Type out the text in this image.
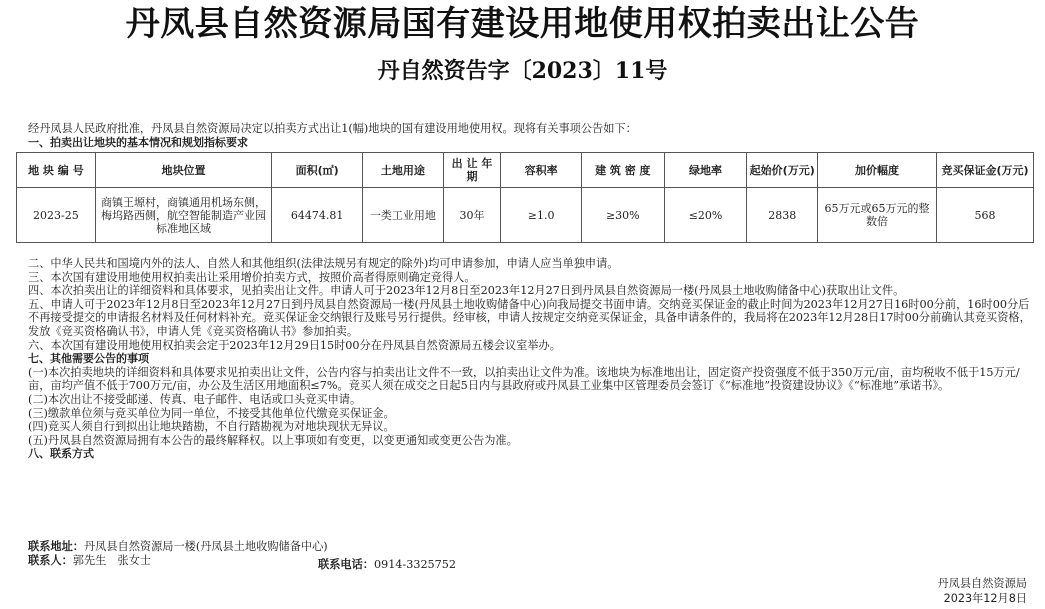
丹凤县自然资源局国有建设用地使用权拍卖出让公告
丹自然资告字〔2023〕11号

经丹凤县人民政府批准，丹凤县自然资源局决定以拍卖方式出让1(幅)地块的国有建设用地使用权。现将有关事项公告如下：

一、拍卖出让地块的基本情况和规划指标要求

地 块 编 号	地块位置	面积(㎡)	土地用途	出 让 年 期	容积率	建 筑 密 度	绿地率	起始价(万元)	加价幅度	竞买保证金(万元)
2023-25	商镇王塬村，商镇通用机场东侧，梅坞路西侧，航空智能制造产业园标准地区域	64474.81	一类工业用地	30年	≥1.0	≥30%	≤20%	2838	65万元或65万元的整数倍	568

二、中华人民共和国境内外的法人、自然人和其他组织(法律法规另有规定的除外)均可申请参加，申请人应当单独申请。

三、本次国有建设用地使用权拍卖出让采用增价拍卖方式，按照价高者得原则确定竞得人。

四、本次拍卖出让的详细资料和具体要求，见拍卖出让文件。申请人可于2023年12月8日至2023年12月27日到丹凤县自然资源局一楼(丹凤县土地收购储备中心)获取出让文件。

五、申请人可于2023年12月8日至2023年12月27日到丹凤县自然资源局一楼(丹凤县土地收购储备中心)向我局提交书面申请。交纳竞买保证金的截止时间为2023年12月27日16时00分前，16时00分后不再接受提交的申请报名材料及任何材料补充。竞买保证金交纳银行及账号另行提供。经审核，申请人按规定交纳竞买保证金，具备申请条件的，我局将在2023年12月28日17时00分前确认其竞买资格，发放《竞买资格确认书》，申请人凭《竞买资格确认书》参加拍卖。

六、本次国有建设用地使用权拍卖会定于2023年12月29日15时00分在丹凤县自然资源局五楼会议室举办。

七、其他需要公告的事项

(一)本次拍卖地块的详细资料和具体要求见拍卖出让文件，公告内容与拍卖出让文件不一致，以拍卖出让文件为准。该地块为标准地出让，固定资产投资强度不低于350万元/亩，亩均税收不低于15万元/亩，亩均产值不低于700万元/亩，办公及生活区用地面积≤7%。竞买人须在成交之日起5日内与县政府或丹凤县工业集中区管理委员会签订《“标准地”投资建设协议》《“标准地”承诺书》。

(二)本次出让不接受邮递、传真、电子邮件、电话或口头竞买申请。

(三)缴款单位须与竞买单位为同一单位，不接受其他单位代缴竞买保证金。

(四)竞买人须自行到拟出让地块踏勘，不自行踏勘视为对地块现状无异议。

(五)丹凤县自然资源局拥有本公告的最终解释权。以上事项如有变更，以变更通知或变更公告为准。

八、联系方式

联系地址：丹凤县自然资源局一楼(丹凤县土地收购储备中心)
联系人：郭先生　张女士	联系电话：0914-3325752
丹凤县自然资源局
2023年12月8日
